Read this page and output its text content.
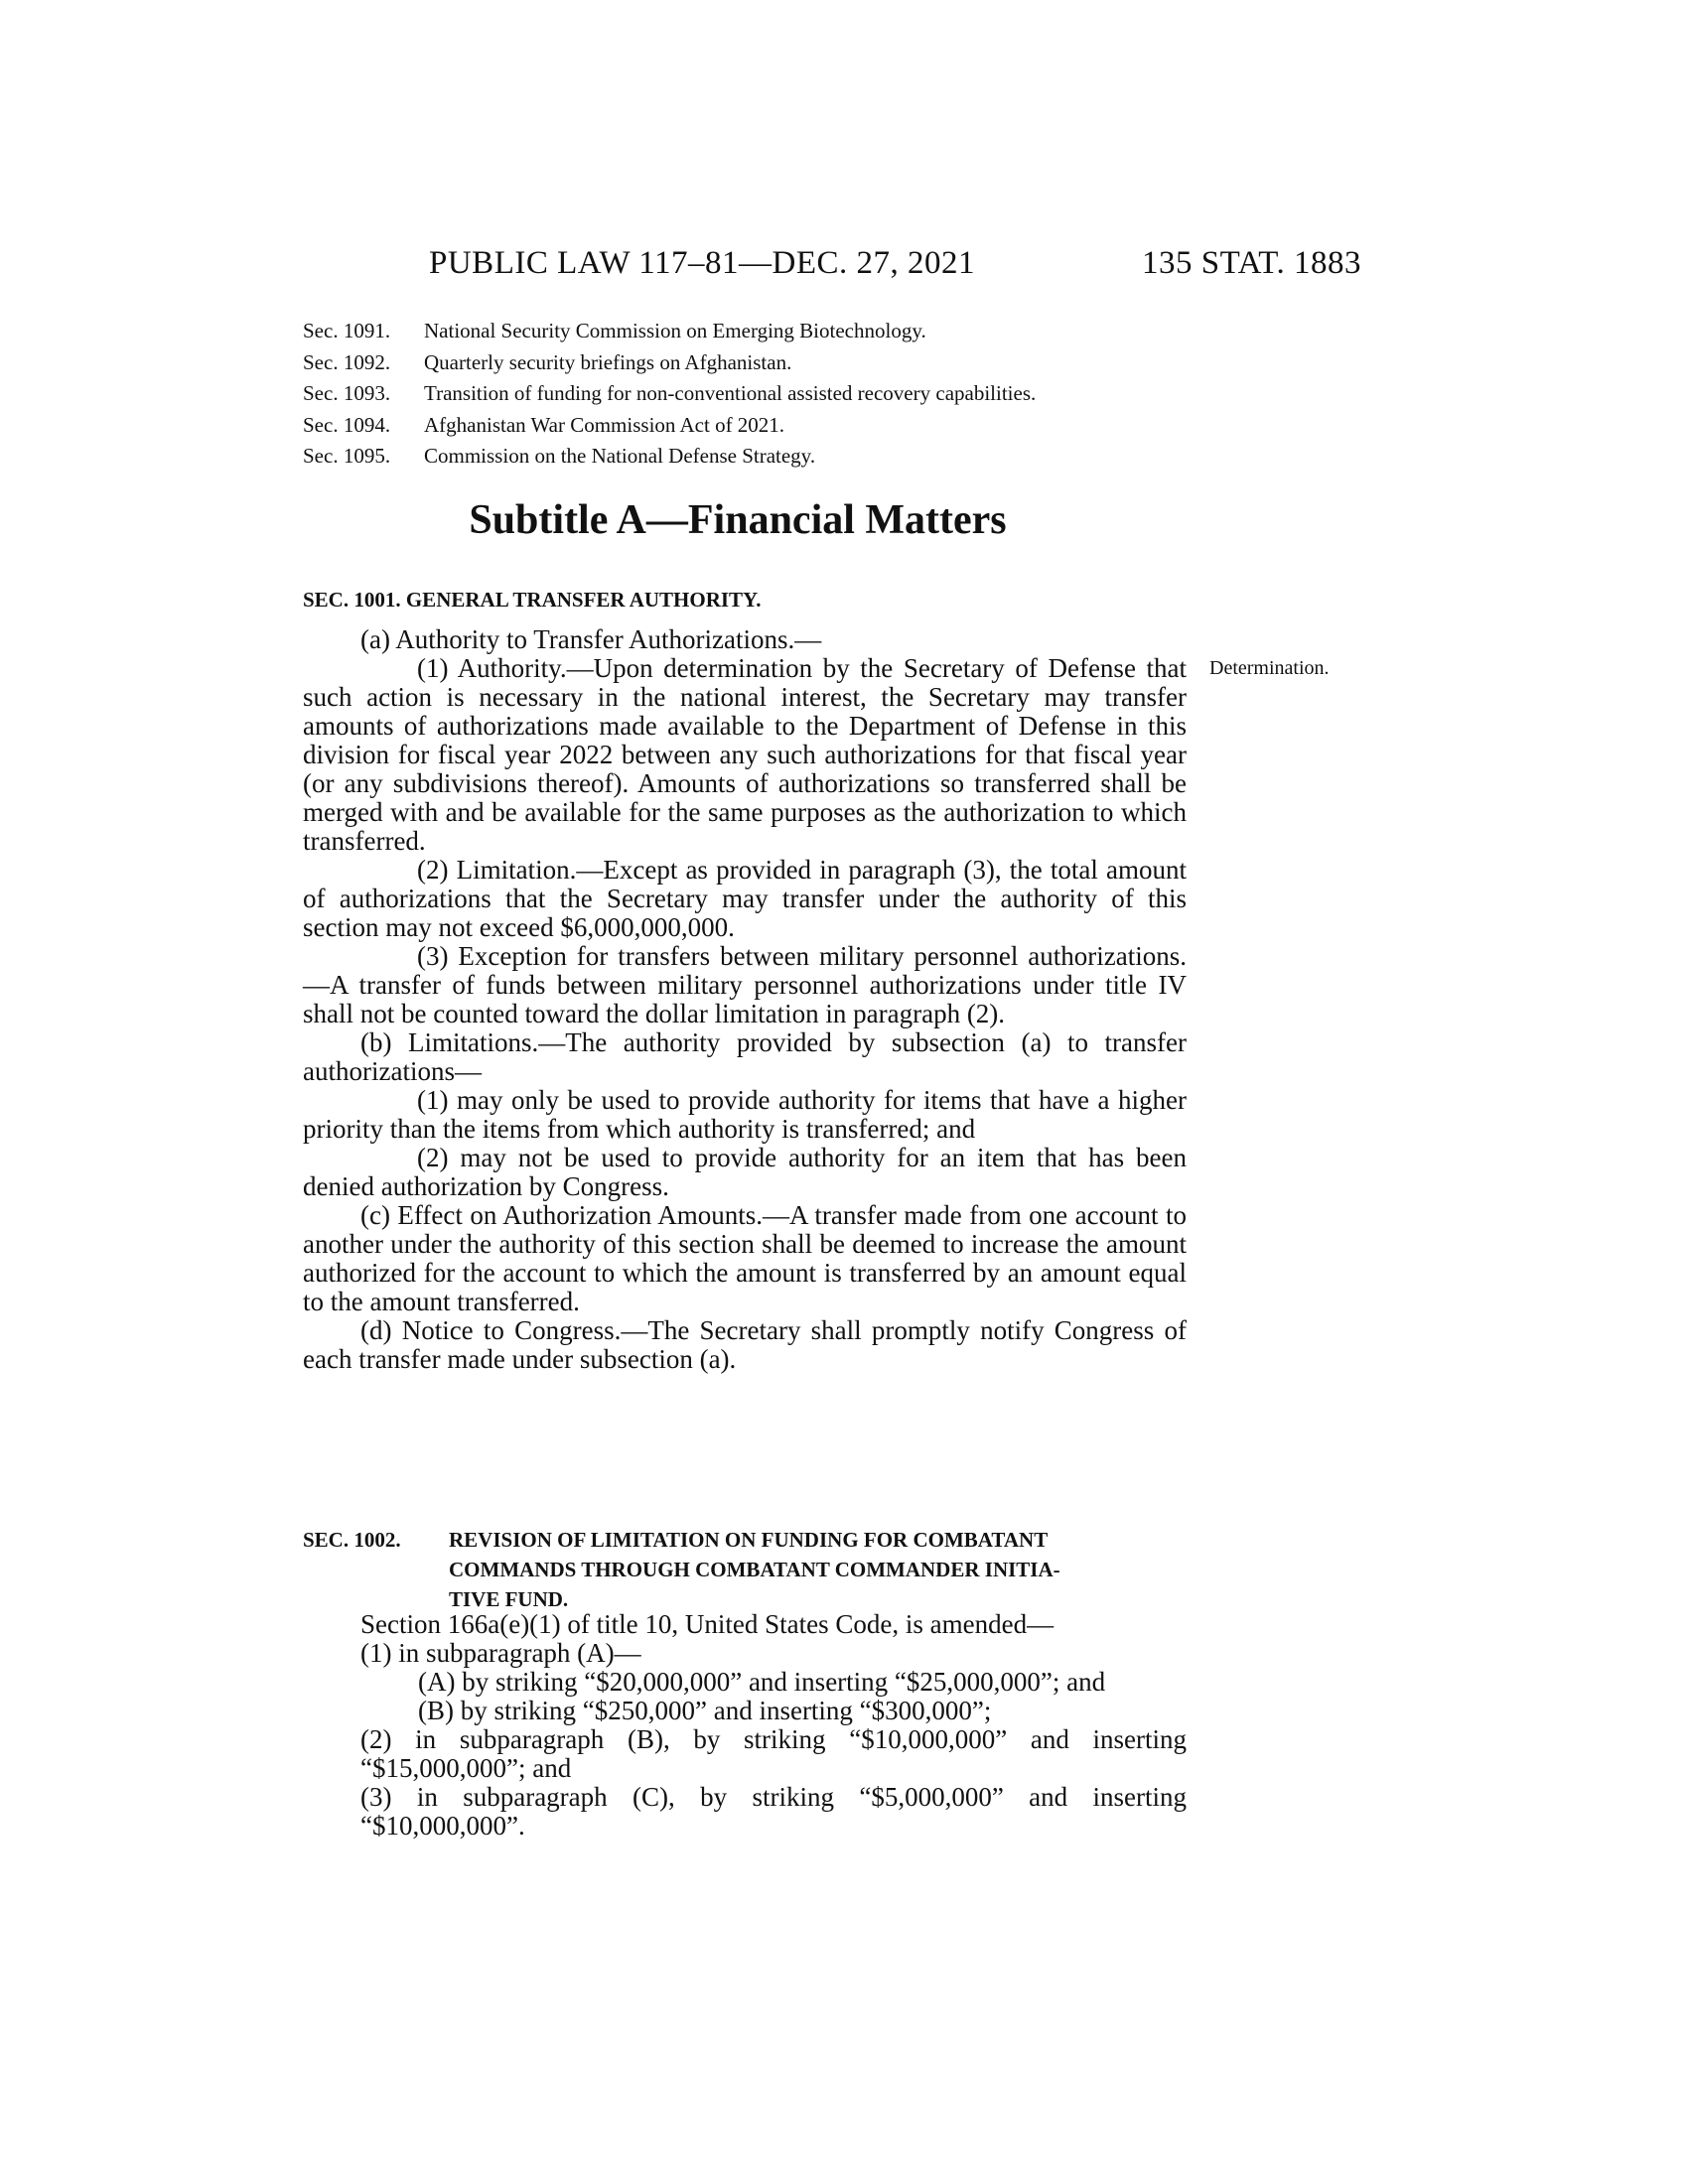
PUBLIC LAW 117–81—DEC. 27, 2021	135 STAT. 1883
Sec. 1091. National Security Commission on Emerging Biotechnology.
Sec. 1092. Quarterly security briefings on Afghanistan.
Sec. 1093. Transition of funding for non-conventional assisted recovery capabilities.
Sec. 1094. Afghanistan War Commission Act of 2021.
Sec. 1095. Commission on the National Defense Strategy.
Subtitle A—Financial Matters
SEC. 1001. GENERAL TRANSFER AUTHORITY.
Determination.

(a) Authority to Transfer Authorizations.—

(1) Authority.—Upon determination by the Secretary of Defense that such action is necessary in the national interest, the Secretary may transfer amounts of authorizations made available to the Department of Defense in this division for fiscal year 2022 between any such authorizations for that fiscal year (or any subdivisions thereof). Amounts of authorizations so transferred shall be merged with and be available for the same purposes as the authorization to which transferred.

(2) Limitation.—Except as provided in paragraph (3), the total amount of authorizations that the Secretary may transfer under the authority of this section may not exceed $6,000,000,000.

(3) Exception for transfers between military personnel authorizations.—A transfer of funds between military personnel authorizations under title IV shall not be counted toward the dollar limitation in paragraph (2).

(b) Limitations.—The authority provided by subsection (a) to transfer authorizations—

(1) may only be used to provide authority for items that have a higher priority than the items from which authority is transferred; and

(2) may not be used to provide authority for an item that has been denied authorization by Congress.

(c) Effect on Authorization Amounts.—A transfer made from one account to another under the authority of this section shall be deemed to increase the amount authorized for the account to which the amount is transferred by an amount equal to the amount transferred.

(d) Notice to Congress.—The Secretary shall promptly notify Congress of each transfer made under subsection (a).

SEC. 1002. REVISION OF LIMITATION ON FUNDING FOR COMBATANT
COMMANDS THROUGH COMBATANT COMMANDER INITIA-
TIVE FUND.

Section 166a(e)(1) of title 10, United States Code, is amended—

(1) in subparagraph (A)—

(A) by striking “$20,000,000” and inserting “$25,000,000”; and

(B) by striking “$250,000” and inserting “$300,000”;

(2) in subparagraph (B), by striking “$10,000,000” and inserting “$15,000,000”; and

(3) in subparagraph (C), by striking “$5,000,000” and inserting “$10,000,000”.
